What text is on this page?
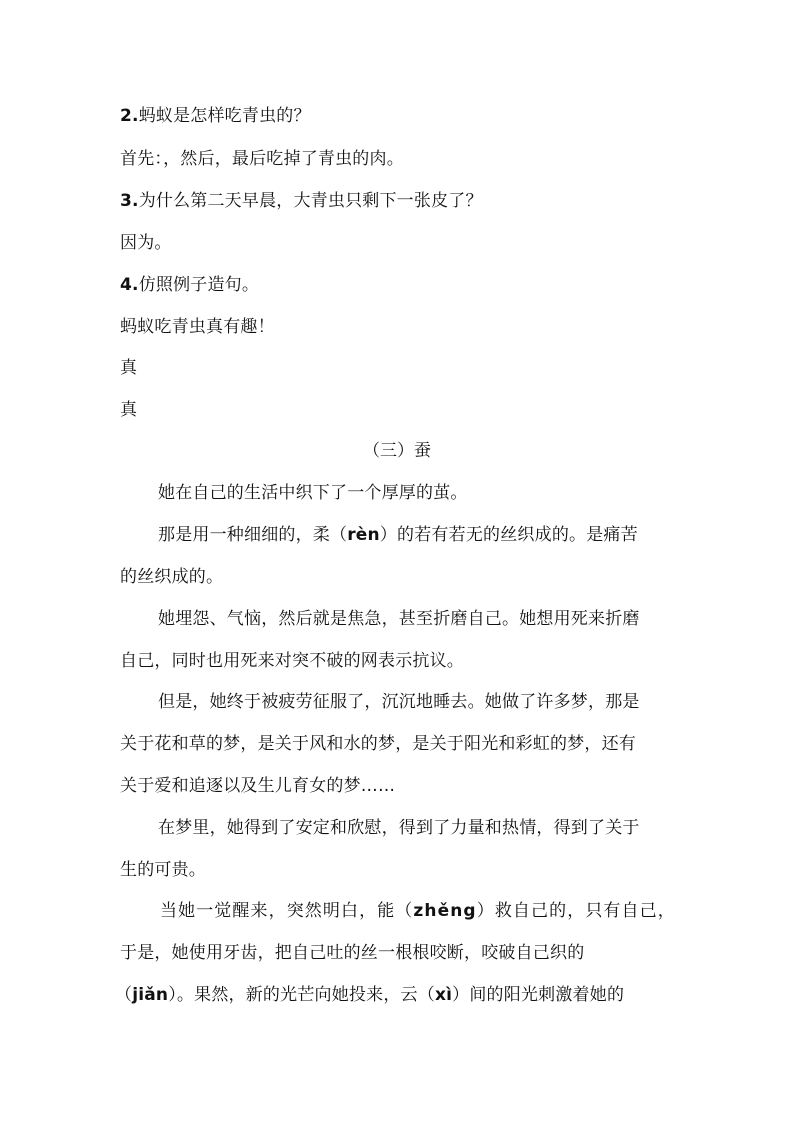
2.蚂蚁是怎样吃青虫的？
首先：，然后，最后吃掉了青虫的肉。
3.为什么第二天早晨，大青虫只剩下一张皮了？
因为。
4.仿照例子造句。
蚂蚁吃青虫真有趣！
真
真
（三）蚕
她在自己的生活中织下了一个厚厚的茧。
那是用一种细细的，柔（rèn）的若有若无的丝织成的。是痛苦
的丝织成的。
她埋怨、气恼，然后就是焦急，甚至折磨自己。她想用死来折磨
自己，同时也用死来对突不破的网表示抗议。
但是，她终于被疲劳征服了，沉沉地睡去。她做了许多梦，那是
关于花和草的梦，是关于风和水的梦，是关于阳光和彩虹的梦，还有
关于爱和追逐以及生儿育女的梦……
在梦里，她得到了安定和欣慰，得到了力量和热情，得到了关于
生的可贵。
当她一觉醒来，突然明白，能（zhěng）救自己的，只有自己，
于是，她使用牙齿，把自己吐的丝一根根咬断，咬破自己织的
（jiǎn）。果然，新的光芒向她投来，云（xì）间的阳光刺激着她的
